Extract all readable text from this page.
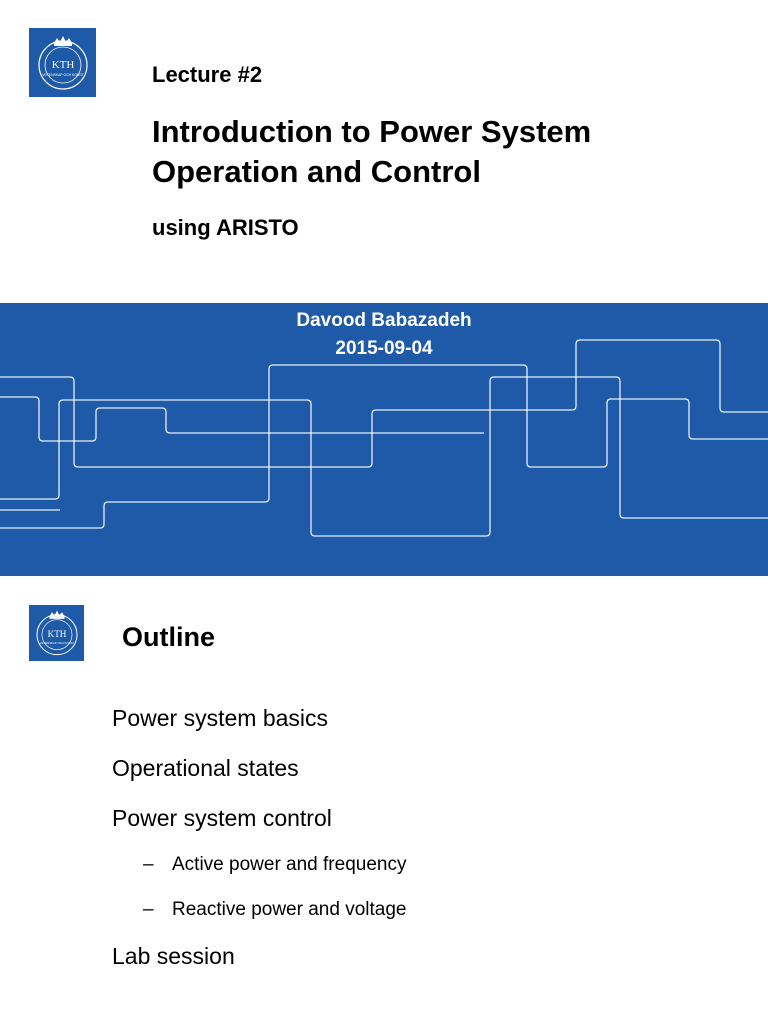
KTH
VETENSKAP OCH KONST	Lecture #2
Introduction to Power System
Operation and Control
using ARISTO
Davood Babazadeh
2015-09-04
KTH
VETENSKAP OCH KONST Outline
Power system basics
Operational states
Power system control
– Active power and frequency
– Reactive power and voltage
Lab session
